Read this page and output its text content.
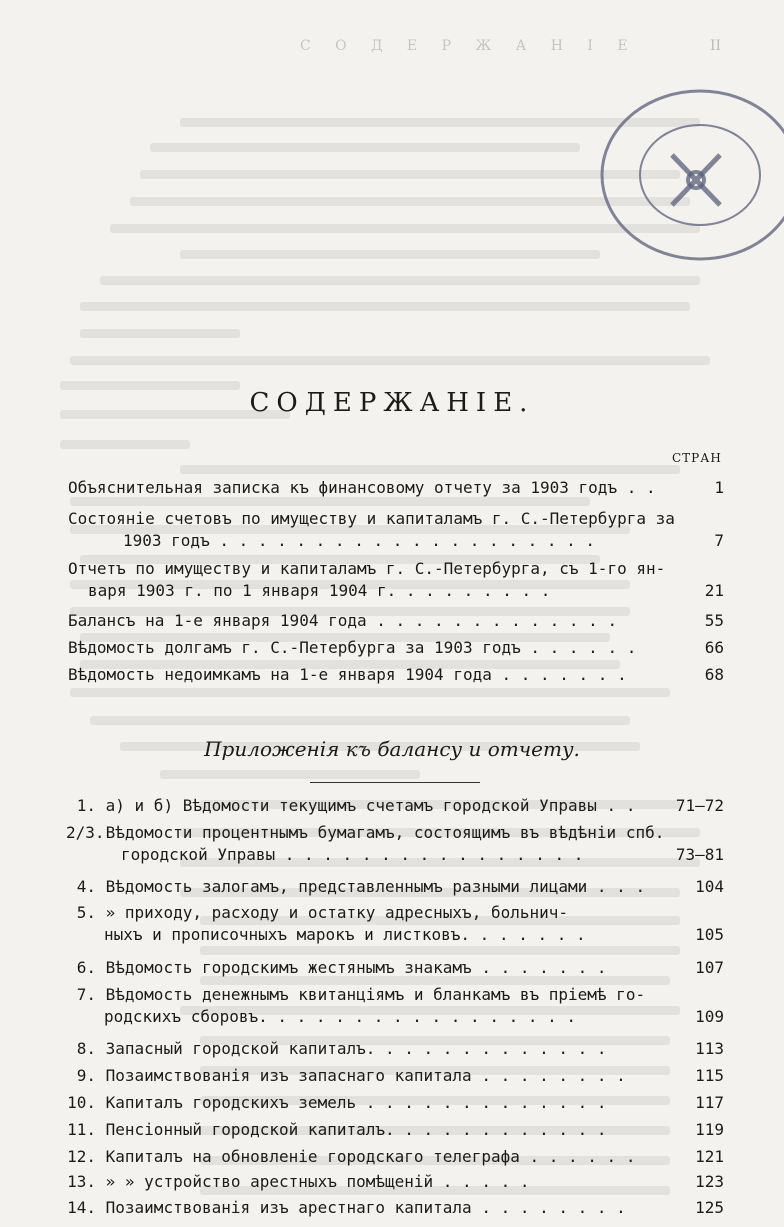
С О Д Е Р Ж А Н І Е	II
СОДЕРЖАНІЕ.
СТРАН
Объяснительная записка къ финансовому отчету за 1903 годъ . .	1
Состояніе счетовъ по имуществу и капиталамъ г. С.-Петербурга за
1903 годъ . . . . . . . . . . . . . . . . . . . .	7
Отчетъ по имуществу и капиталамъ г. С.-Петербурга, съ 1-го ян-
варя 1903 г. по 1 января 1904 г. . . . . . . . .	21
Балансъ на 1-е января 1904 года . . . . . . . . . . . . .	55
Вѣдомость долгамъ г. С.-Петербурга за 1903 годъ . . . . . .	66
Вѣдомость недоимкамъ на 1-е января 1904 года . . . . . . .	68
Приложенія къ балансу и отчету.
1. а) и б) Вѣдомости текущимъ счетамъ городской Управы . .	71—72
2/3. Вѣдомости процентнымъ бумагамъ, состоящимъ въ вѣдѣніи спб.
городской Управы . . . . . . . . . . . . . . . .	73—81
4. Вѣдомость залогамъ, представленнымъ разными лицами . . .	104
5. » приходу, расходу и остатку адресныхъ, больнич-
ныхъ и прописочныхъ марокъ и листковъ. . . . . . .	105
6. Вѣдомость городскимъ жестянымъ знакамъ . . . . . . .	107
7. Вѣдомость денежнымъ квитанціямъ и бланкамъ въ пріемѣ го-
родскихъ сборовъ. . . . . . . . . . . . . . . . .	109
8. Запасный городской капиталъ. . . . . . . . . . . . .	113
9. Позаимствованія изъ запаснаго капитала . . . . . . . .	115
10. Капиталъ городскихъ земель . . . . . . . . . . . . .	117
11. Пенсіонный городской капиталъ. . . . . . . . . . . .	119
12. Капиталъ на обновленіе городскаго телеграфа . . . . . .	121
13. » » устройство арестныхъ помѣщеній . . . . .	123
14. Позаимствованія изъ арестнаго капитала . . . . . . . .	125
